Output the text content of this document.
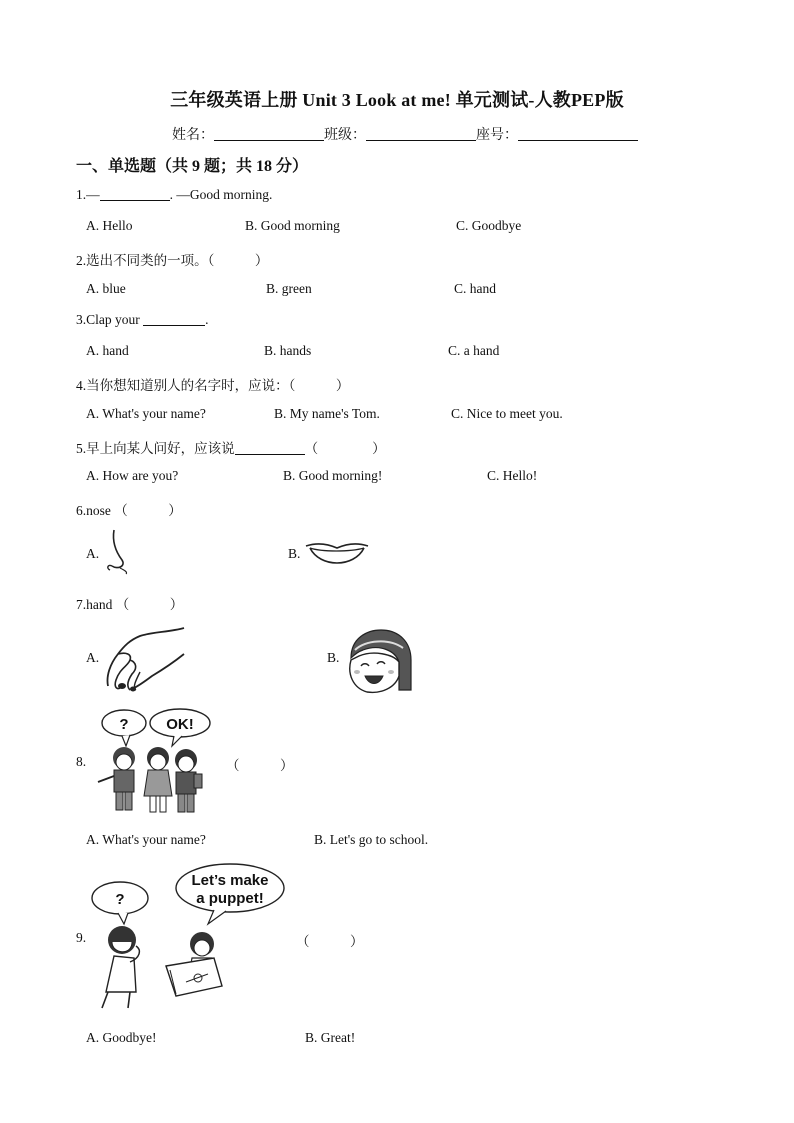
三年级英语上册 Unit 3 Look at me! 单元测试-人教PEP版
姓名：	班级：	座号：
一、单选题（共 9 题；共 18 分）
1.—	. —Good morning.
A. Hello	B. Good morning	C. Goodbye
2.选出不同类的一项。（　　　）
A. blue	B. green	C. hand
3.Clap your	.
A. hand	B. hands	C. a hand
4.当你想知道别人的名字时，应说：（　　　）
A. What's your name?	B. My name's Tom.	C. Nice to meet you.
5.早上向某人问好，应该说	（　　　　）
A. How are you?	B. Good morning!	C. Hello!
6.nose （　　　）
A.	B.
7.hand （　　　）
A.	B.
?	OK!
8.	（　　　）
A. What's your name?	B. Let's go to school.
?
Let’s make
a puppet!
9.	（　　　）
A. Goodbye!	B. Great!
